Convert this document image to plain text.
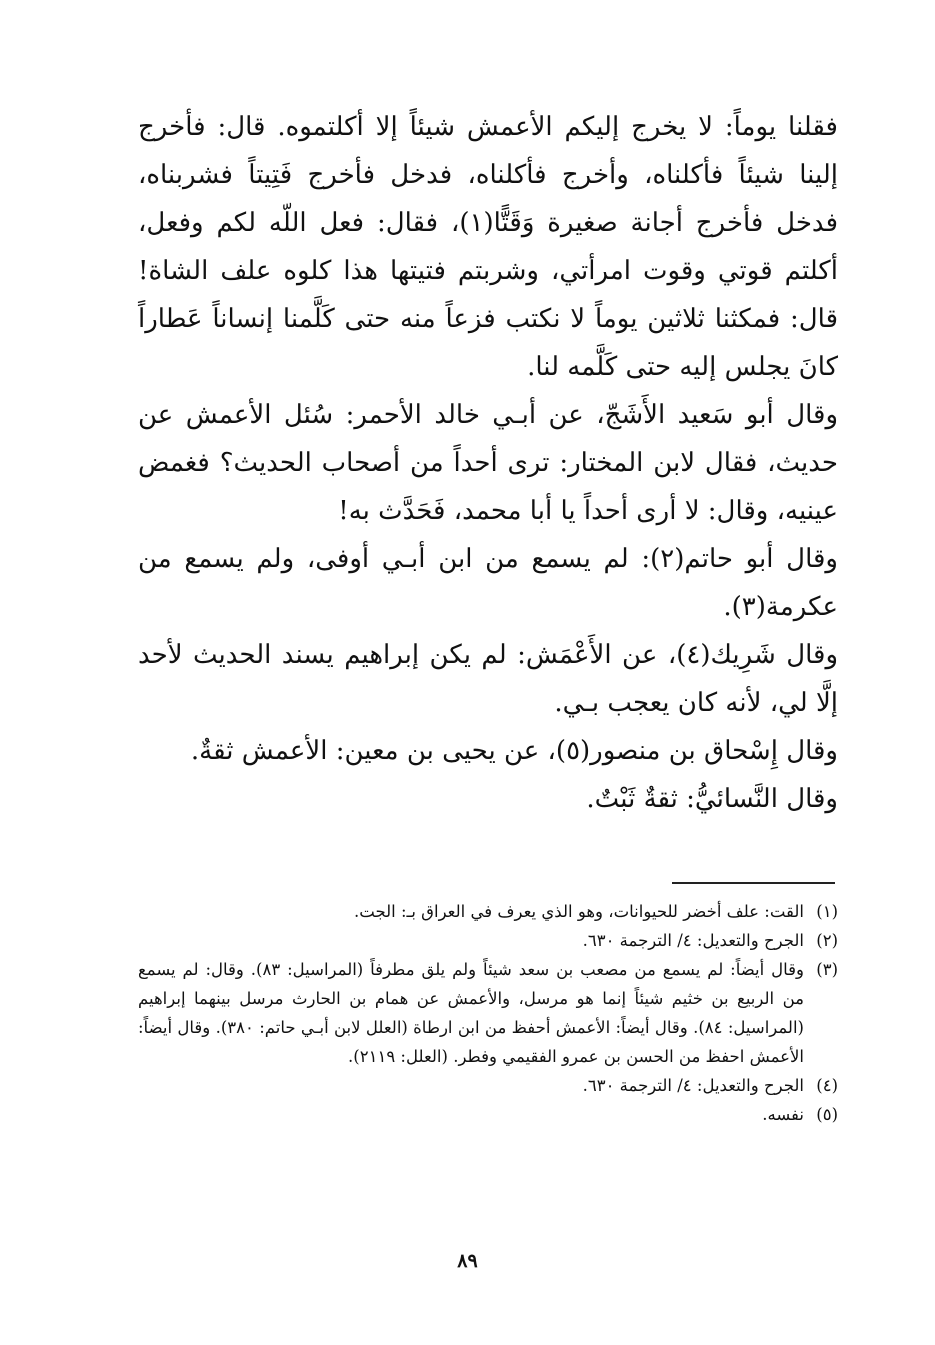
فقلنا يوماً: لا يخرج إليكم الأعمش شيئاً إلا أكلتموه. قال: فأخرج إلينا شيئاً فأكلناه، وأخرج فأكلناه، فدخل فأخرج فَتِيتاً فشربناه، فدخل فأخرج أجانة صغيرة وَقَتًّا(١)، فقال: فعل اللّه لكم وفعل، أكلتم قوتي وقوت امرأتي، وشربتم فتيتها هذا كلوه علف الشاة! قال: فمكثنا ثلاثين يوماً لا نكتب فزعاً منه حتى كَلَّمنا إنساناً عَطاراً كانَ يجلس إليه حتى كَلَّمه لنا.

وقال أبو سَعيد الأَشَجّ، عن أبـي خالد الأحمر: سُئل الأعمش عن حديث، فقال لابن المختار: ترى أحداً من أصحاب الحديث؟ فغمض عينيه، وقال: لا أرى أحداً يا أبا محمد، فَحَدَّث به!

وقال أبو حاتم(٢): لم يسمع من ابن أبـي أوفى، ولم يسمع من عكرمة(٣).

وقال شَرِيك(٤)، عن الأَعْمَش: لم يكن إبراهيم يسند الحديث لأحد إلَّا لي، لأنه كان يعجب بـي.

وقال إِسْحاق بن منصور(٥)، عن يحيى بن معين: الأعمش ثقةٌ.

وقال النَّسائيُّ: ثقةٌ ثَبْتٌ.

(١)
القت: علف أخضر للحيوانات، وهو الذي يعرف في العراق بـ: الجت.
(٢)
الجرح والتعديل: ٤/ الترجمة ٦٣٠.
(٣)
وقال أيضاً: لم يسمع من مصعب بن سعد شيئاً ولم يلق مطرفاً (المراسيل: ٨٣). وقال: لم يسمع من الربيع بن خثيم شيئاً إنما هو مرسل، والأعمش عن همام بن الحارث مرسل بينهما إبراهيم (المراسيل: ٨٤). وقال أيضاً: الأعمش أحفظ من ابن ارطاة (العلل لابن أبـي حاتم: ٣٨٠). وقال أيضاً: الأعمش احفظ من الحسن بن عمرو الفقيمي وفطر. (العلل: ٢١١٩).
(٤)
الجرح والتعديل: ٤/ الترجمة ٦٣٠.
(٥)
نفسه.
٨٩
